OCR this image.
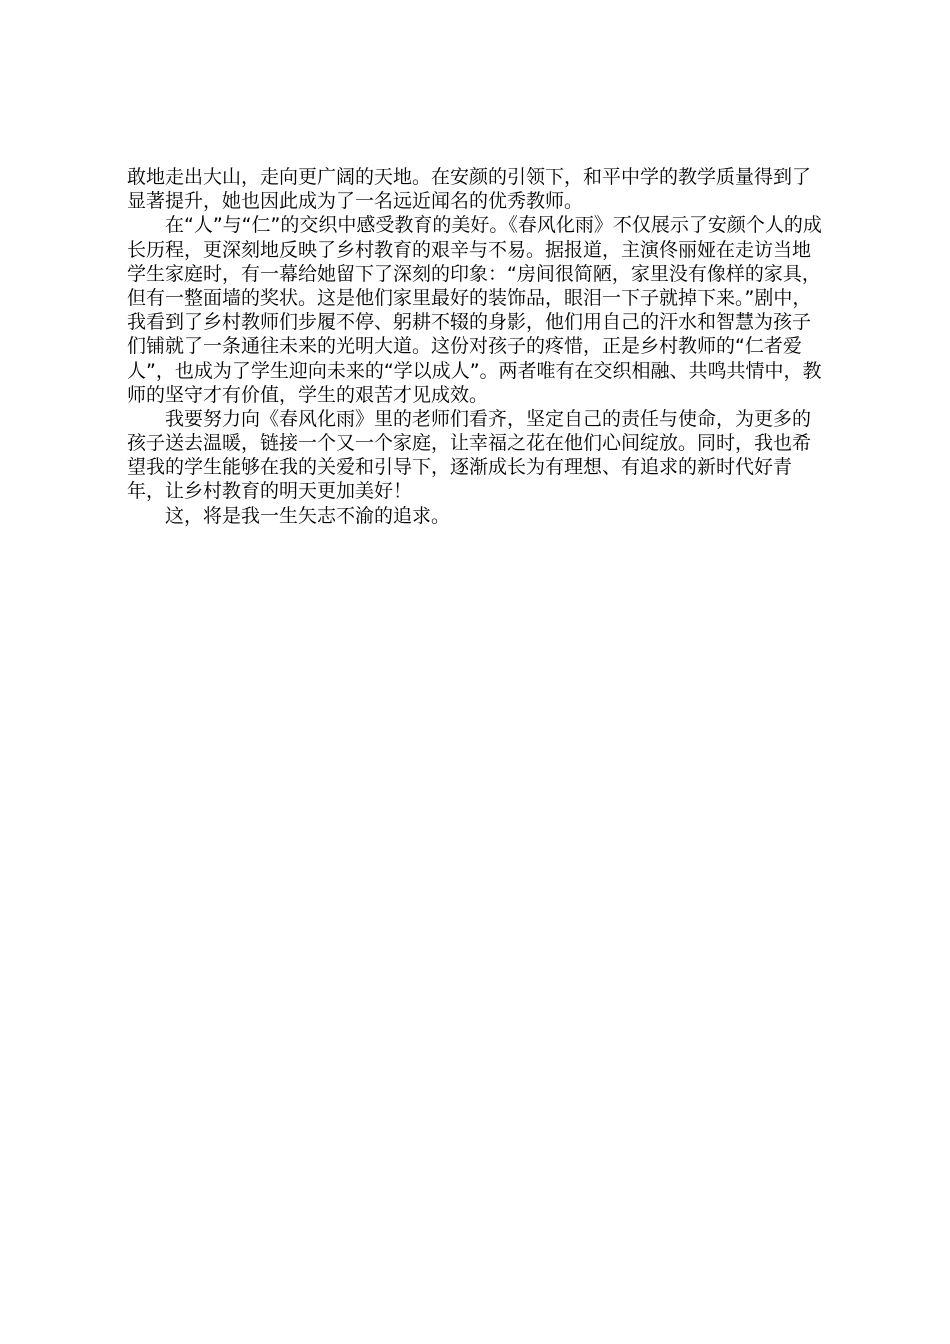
敢地走出大山，走向更广阔的天地。在安颜的引领下，和平中学的教学质量得到了
显著提升，她也因此成为了一名远近闻名的优秀教师。
在“人”与“仁”的交织中感受教育的美好。《春风化雨》不仅展示了安颜个人的成
长历程，更深刻地反映了乡村教育的艰辛与不易。据报道，主演佟丽娅在走访当地
学生家庭时，有一幕给她留下了深刻的印象：“房间很简陋，家里没有像样的家具，
但有一整面墙的奖状。这是他们家里最好的装饰品，眼泪一下子就掉下来。”剧中，
我看到了乡村教师们步履不停、躬耕不辍的身影，他们用自己的汗水和智慧为孩子
们铺就了一条通往未来的光明大道。这份对孩子的疼惜，正是乡村教师的“仁者爱
人”，也成为了学生迎向未来的“学以成人”。两者唯有在交织相融、共鸣共情中，教
师的坚守才有价值，学生的艰苦才见成效。
我要努力向《春风化雨》里的老师们看齐，坚定自己的责任与使命，为更多的
孩子送去温暖，链接一个又一个家庭，让幸福之花在他们心间绽放。同时，我也希
望我的学生能够在我的关爱和引导下，逐渐成长为有理想、有追求的新时代好青
年，让乡村教育的明天更加美好！
这，将是我一生矢志不渝的追求。
